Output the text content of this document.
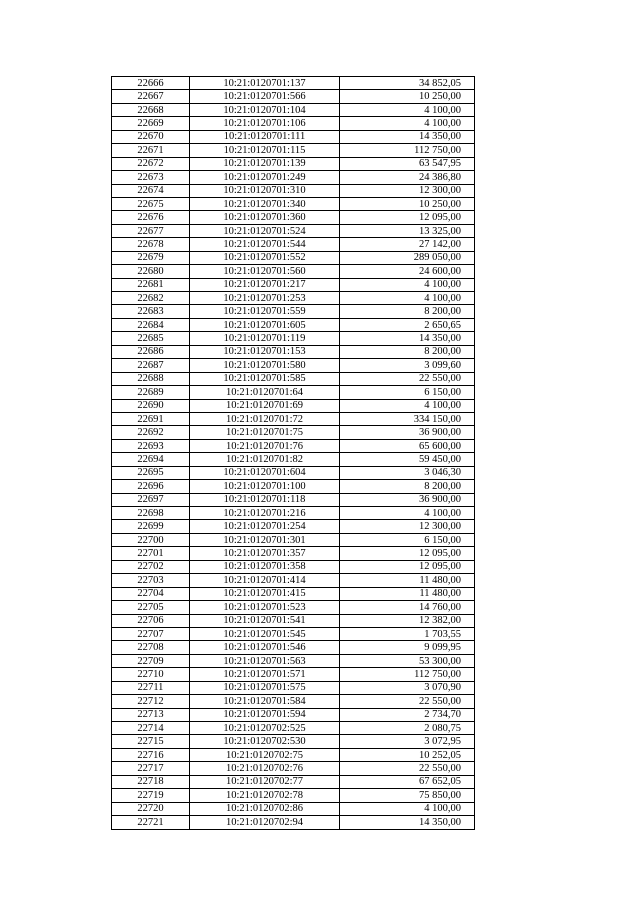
22666	10:21:0120701:137	34 852,05
22667	10:21:0120701:566	10 250,00
22668	10:21:0120701:104	4 100,00
22669	10:21:0120701:106	4 100,00
22670	10:21:0120701:111	14 350,00
22671	10:21:0120701:115	112 750,00
22672	10:21:0120701:139	63 547,95
22673	10:21:0120701:249	24 386,80
22674	10:21:0120701:310	12 300,00
22675	10:21:0120701:340	10 250,00
22676	10:21:0120701:360	12 095,00
22677	10:21:0120701:524	13 325,00
22678	10:21:0120701:544	27 142,00
22679	10:21:0120701:552	289 050,00
22680	10:21:0120701:560	24 600,00
22681	10:21:0120701:217	4 100,00
22682	10:21:0120701:253	4 100,00
22683	10:21:0120701:559	8 200,00
22684	10:21:0120701:605	2 650,65
22685	10:21:0120701:119	14 350,00
22686	10:21:0120701:153	8 200,00
22687	10:21:0120701:580	3 099,60
22688	10:21:0120701:585	22 550,00
22689	10:21:0120701:64	6 150,00
22690	10:21:0120701:69	4 100,00
22691	10:21:0120701:72	334 150,00
22692	10:21:0120701:75	36 900,00
22693	10:21:0120701:76	65 600,00
22694	10:21:0120701:82	59 450,00
22695	10:21:0120701:604	3 046,30
22696	10:21:0120701:100	8 200,00
22697	10:21:0120701:118	36 900,00
22698	10:21:0120701:216	4 100,00
22699	10:21:0120701:254	12 300,00
22700	10:21:0120701:301	6 150,00
22701	10:21:0120701:357	12 095,00
22702	10:21:0120701:358	12 095,00
22703	10:21:0120701:414	11 480,00
22704	10:21:0120701:415	11 480,00
22705	10:21:0120701:523	14 760,00
22706	10:21:0120701:541	12 382,00
22707	10:21:0120701:545	1 703,55
22708	10:21:0120701:546	9 099,95
22709	10:21:0120701:563	53 300,00
22710	10:21:0120701:571	112 750,00
22711	10:21:0120701:575	3 070,90
22712	10:21:0120701:584	22 550,00
22713	10:21:0120701:594	2 734,70
22714	10:21:0120702:525	2 080,75
22715	10:21:0120702:530	3 072,95
22716	10:21:0120702:75	10 252,05
22717	10:21:0120702:76	22 550,00
22718	10:21:0120702:77	67 652,05
22719	10:21:0120702:78	75 850,00
22720	10:21:0120702:86	4 100,00
22721	10:21:0120702:94	14 350,00
